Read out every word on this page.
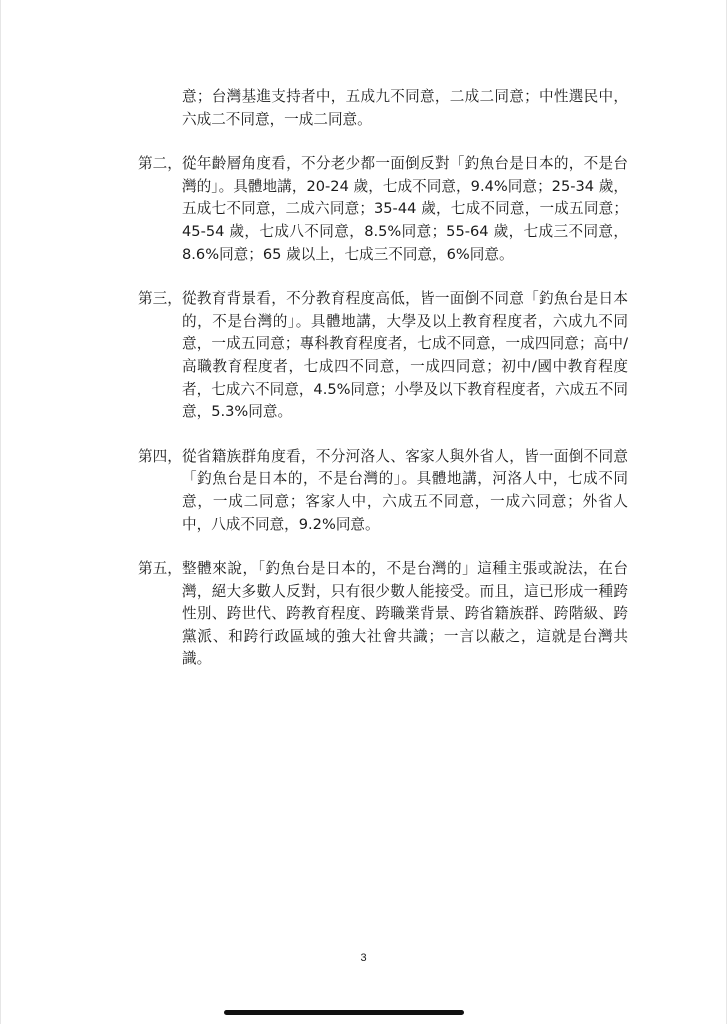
意；台灣基進支持者中，五成九不同意，二成二同意；中性選民中，六成二不同意，一成二同意。
第二， 從年齡層角度看，不分老少都一面倒反對「釣魚台是日本的，不是台灣的」。具體地講，20-24 歲，七成不同意，9.4%同意；25-34 歲，五成七不同意，二成六同意；35-44 歲，七成不同意，一成五同意；45-54 歲，七成八不同意，8.5%同意；55-64 歲，七成三不同意，8.6%同意；65 歲以上，七成三不同意，6%同意。
第三， 從教育背景看，不分教育程度高低，皆一面倒不同意「釣魚台是日本的，不是台灣的」。具體地講，大學及以上教育程度者，六成九不同意，一成五同意；專科教育程度者，七成不同意，一成四同意；高中/高職教育程度者，七成四不同意，一成四同意；初中/國中教育程度者，七成六不同意，4.5%同意；小學及以下教育程度者，六成五不同意，5.3%同意。
第四， 從省籍族群角度看，不分河洛人、客家人與外省人，皆一面倒不同意「釣魚台是日本的，不是台灣的」。具體地講，河洛人中，七成不同意，一成二同意；客家人中，六成五不同意，一成六同意；外省人中，八成不同意，9.2%同意。
第五， 整體來說，「釣魚台是日本的，不是台灣的」這種主張或說法，在台灣，絕大多數人反對，只有很少數人能接受。而且，這已形成一種跨性別、跨世代、跨教育程度、跨職業背景、跨省籍族群、跨階級、跨黨派、和跨行政區域的強大社會共識；一言以蔽之，這就是台灣共識。
3
